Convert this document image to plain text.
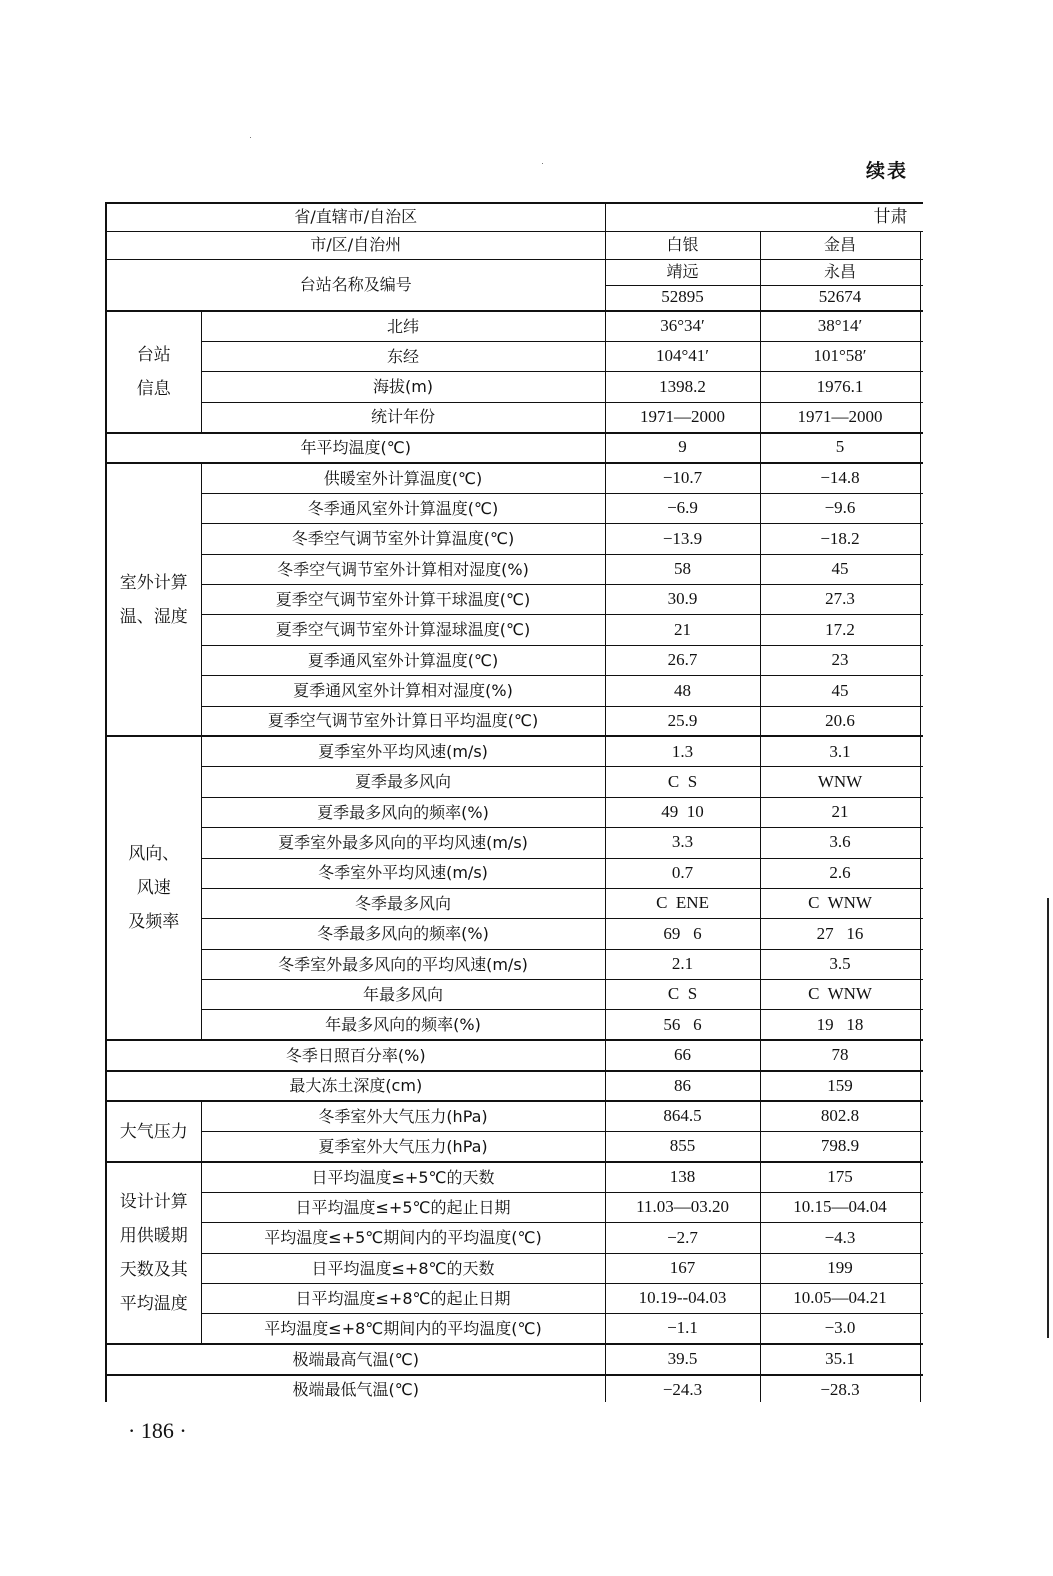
续表
省/直辖市/自治区		甘肃		
市/区/自治州		白银	金昌	
台站名称及编号		靖远	永昌	
		52895	52674	

台站
信息	北纬	36°34′	38°14′	
	东经	104°41′	101°58′	
	海拔(m)	1398.2	1976.1	
	统计年份	1971—2000	1971—2000	
年平均温度(℃)		9	5	

室外计算
温、湿度	供暖室外计算温度(℃)	−10.7	−14.8	
	冬季通风室外计算温度(℃)	−6.9	−9.6	
	冬季空气调节室外计算温度(℃)	−13.9	−18.2	
	冬季空气调节室外计算相对湿度(%)	58	45	
	夏季空气调节室外计算干球温度(℃)	30.9	27.3	
	夏季空气调节室外计算湿球温度(℃)	21	17.2	
	夏季通风室外计算温度(℃)	26.7	23	
	夏季通风室外计算相对湿度(%)	48	45	
	夏季空气调节室外计算日平均温度(℃)	25.9	20.6	

风向、
风速
及频率	夏季室外平均风速(m/s)	1.3	3.1	
	夏季最多风向	C  S	WNW	
	夏季最多风向的频率(%)	49  10	21	
	夏季室外最多风向的平均风速(m/s)	3.3	3.6	
	冬季室外平均风速(m/s)	0.7	2.6	
	冬季最多风向	C  ENE	C  WNW	
	冬季最多风向的频率(%)	69   6	27   16	
	冬季室外最多风向的平均风速(m/s)	2.1	3.5	
	年最多风向	C  S	C  WNW	
	年最多风向的频率(%)	56   6	19   18	
冬季日照百分率(%)		66	78	
最大冻土深度(cm)		86	159	

大气压力	冬季室外大气压力(hPa)	864.5	802.8	
	夏季室外大气压力(hPa)	855	798.9	

设计计算
用供暖期
天数及其
平均温度	日平均温度≤+5℃的天数	138	175	
	日平均温度≤+5℃的起止日期	11.03—03.20	10.15—04.04	
	平均温度≤+5℃期间内的平均温度(℃)	−2.7	−4.3	
	日平均温度≤+8℃的天数	167	199	
	日平均温度≤+8℃的起止日期	10.19--04.03	10.05—04.21	
	平均温度≤+8℃期间内的平均温度(℃)	−1.1	−3.0	
极端最高气温(℃)		39.5	35.1	
极端最低气温(℃)		−24.3	−28.3	
· 186 ·
